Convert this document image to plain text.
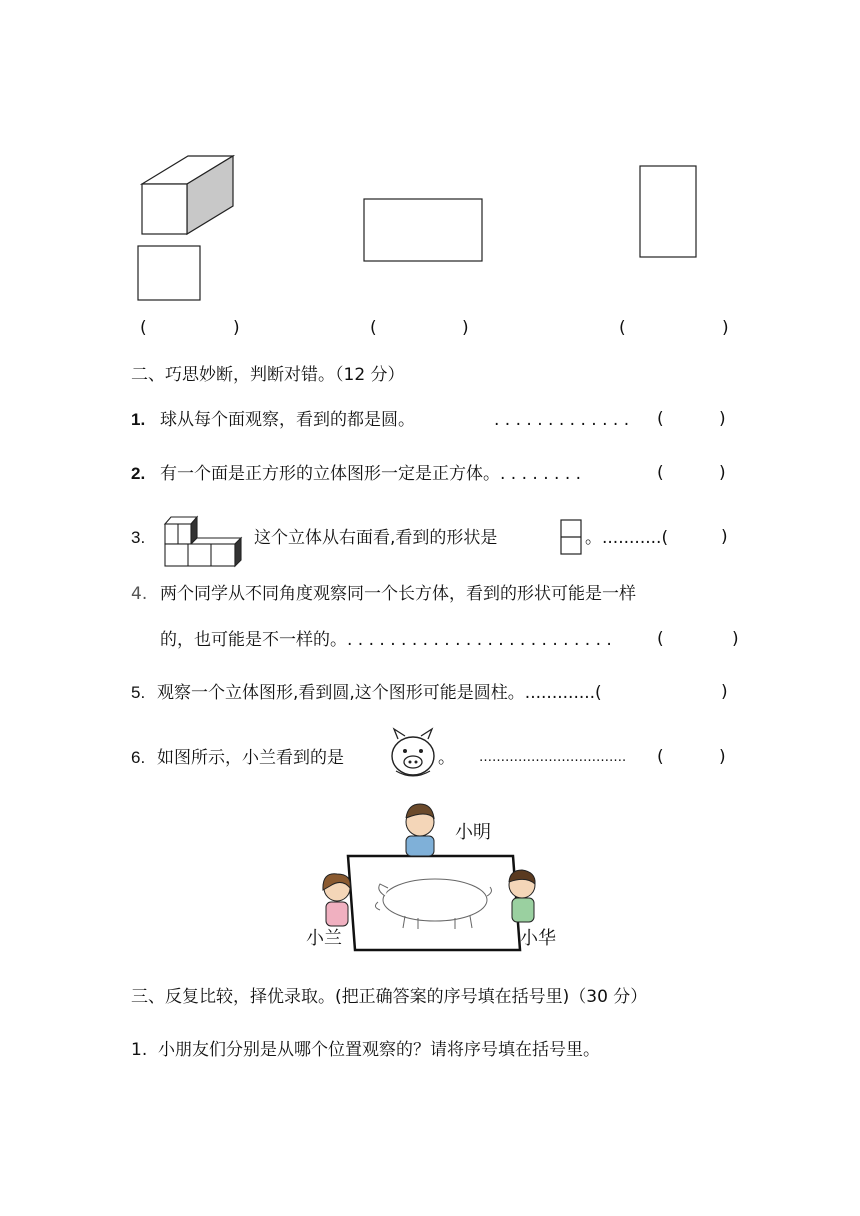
(	)	(	)	(	)
二、巧思妙断，判断对错。（12 分）
1. 球从每个面观察，看到的都是圆。	. . . . . . . . . . . . . (	)
2. 有一个面是正方形的立体图形一定是正方体。. . . . . . . .	(	)
3.	这个立体从右面看,看到的形状是	。...........(	)
4. 两个同学从不同角度观察同一个长方体，看到的形状可能是一样
的，也可能是不一样的。. . . . . . . . . . . . . . . . . . . . . . . . .	(	)
5. 观察一个立体图形,看到圆,这个图形可能是圆柱。.............(	)
6. 如图所示，小兰看到的是	。 ……………………………. (	)
小明
小兰	小华
三、反复比较，择优录取。(把正确答案的序号填在括号里)（30 分）
1.  小朋友们分别是从哪个位置观察的？请将序号填在括号里。
